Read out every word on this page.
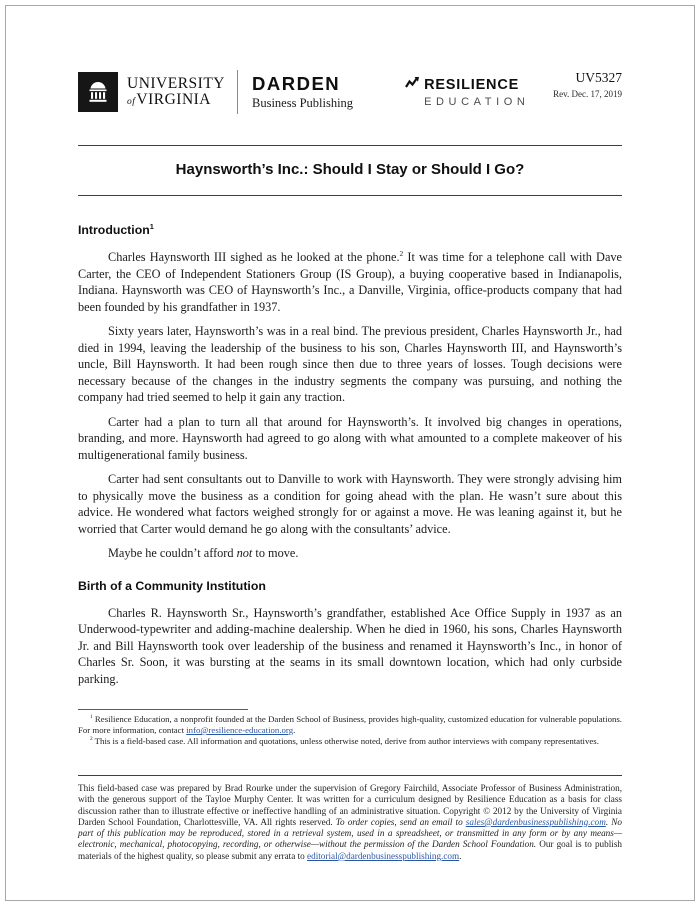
UNIVERSITY
ofVIRGINIA
DARDEN
Business Publishing
RESILIENCE
EDUCATION
UV5327
Rev. Dec. 17, 2019
Haynsworth’s Inc.: Should I Stay or Should I Go?
Introduction$^1$

Charles Haynsworth III sighed as he looked at the phone.$^2$ It was time for a telephone call with Dave Carter, the CEO of Independent Stationers Group (IS Group), a buying cooperative based in Indianapolis, Indiana. Haynsworth was CEO of Haynsworth’s Inc., a Danville, Virginia, office-products company that had been founded by his grandfather in 1937.

Sixty years later, Haynsworth’s was in a real bind. The previous president, Charles Haynsworth Jr., had died in 1994, leaving the leadership of the business to his son, Charles Haynsworth III, and Haynsworth’s uncle, Bill Haynsworth. It had been rough since then due to three years of losses. Tough decisions were necessary because of the changes in the industry segments the company was pursuing, and nothing the company had tried seemed to help it gain any traction.

Carter had a plan to turn all that around for Haynsworth’s. It involved big changes in operations, branding, and more. Haynsworth had agreed to go along with what amounted to a complete makeover of his multigenerational family business.

Carter had sent consultants out to Danville to work with Haynsworth. They were strongly advising him to physically move the business as a condition for going ahead with the plan. He wasn’t sure about this advice. He wondered what factors weighed strongly for or against a move. He was leaning against it, but he worried that Carter would demand he go along with the consultants’ advice.

Maybe he couldn’t afford not to move.

Birth of a Community Institution

Charles R. Haynsworth Sr., Haynsworth’s grandfather, established Ace Office Supply in 1937 as an Underwood-typewriter and adding-machine dealership. When he died in 1960, his sons, Charles Haynsworth Jr. and Bill Haynsworth took over leadership of the business and renamed it Haynsworth’s Inc., in honor of Charles Sr. Soon, it was bursting at the seams in its small downtown location, which had only curbside parking.

$^1$ Resilience Education, a nonprofit founded at the Darden School of Business, provides high-quality, customized education for vulnerable populations. For more information, contact info@resilience-education.org.

$^2$ This is a field-based case. All information and quotations, unless otherwise noted, derive from author interviews with company representatives.

This field-based case was prepared by Brad Rourke under the supervision of Gregory Fairchild, Associate Professor of Business Administration, with the generous support of the Tayloe Murphy Center. It was written for a curriculum designed by Resilience Education as a basis for class discussion rather than to illustrate effective or ineffective handling of an administrative situation. Copyright © 2012 by the University of Virginia Darden School Foundation, Charlottesville, VA. All rights reserved. To order copies, send an email to sales@dardenbusinesspublishing.com. No part of this publication may be reproduced, stored in a retrieval system, used in a spreadsheet, or transmitted in any form or by any means—electronic, mechanical, photocopying, recording, or otherwise—without the permission of the Darden School Foundation. Our goal is to publish materials of the highest quality, so please submit any errata to editorial@dardenbusinesspublishing.com.
